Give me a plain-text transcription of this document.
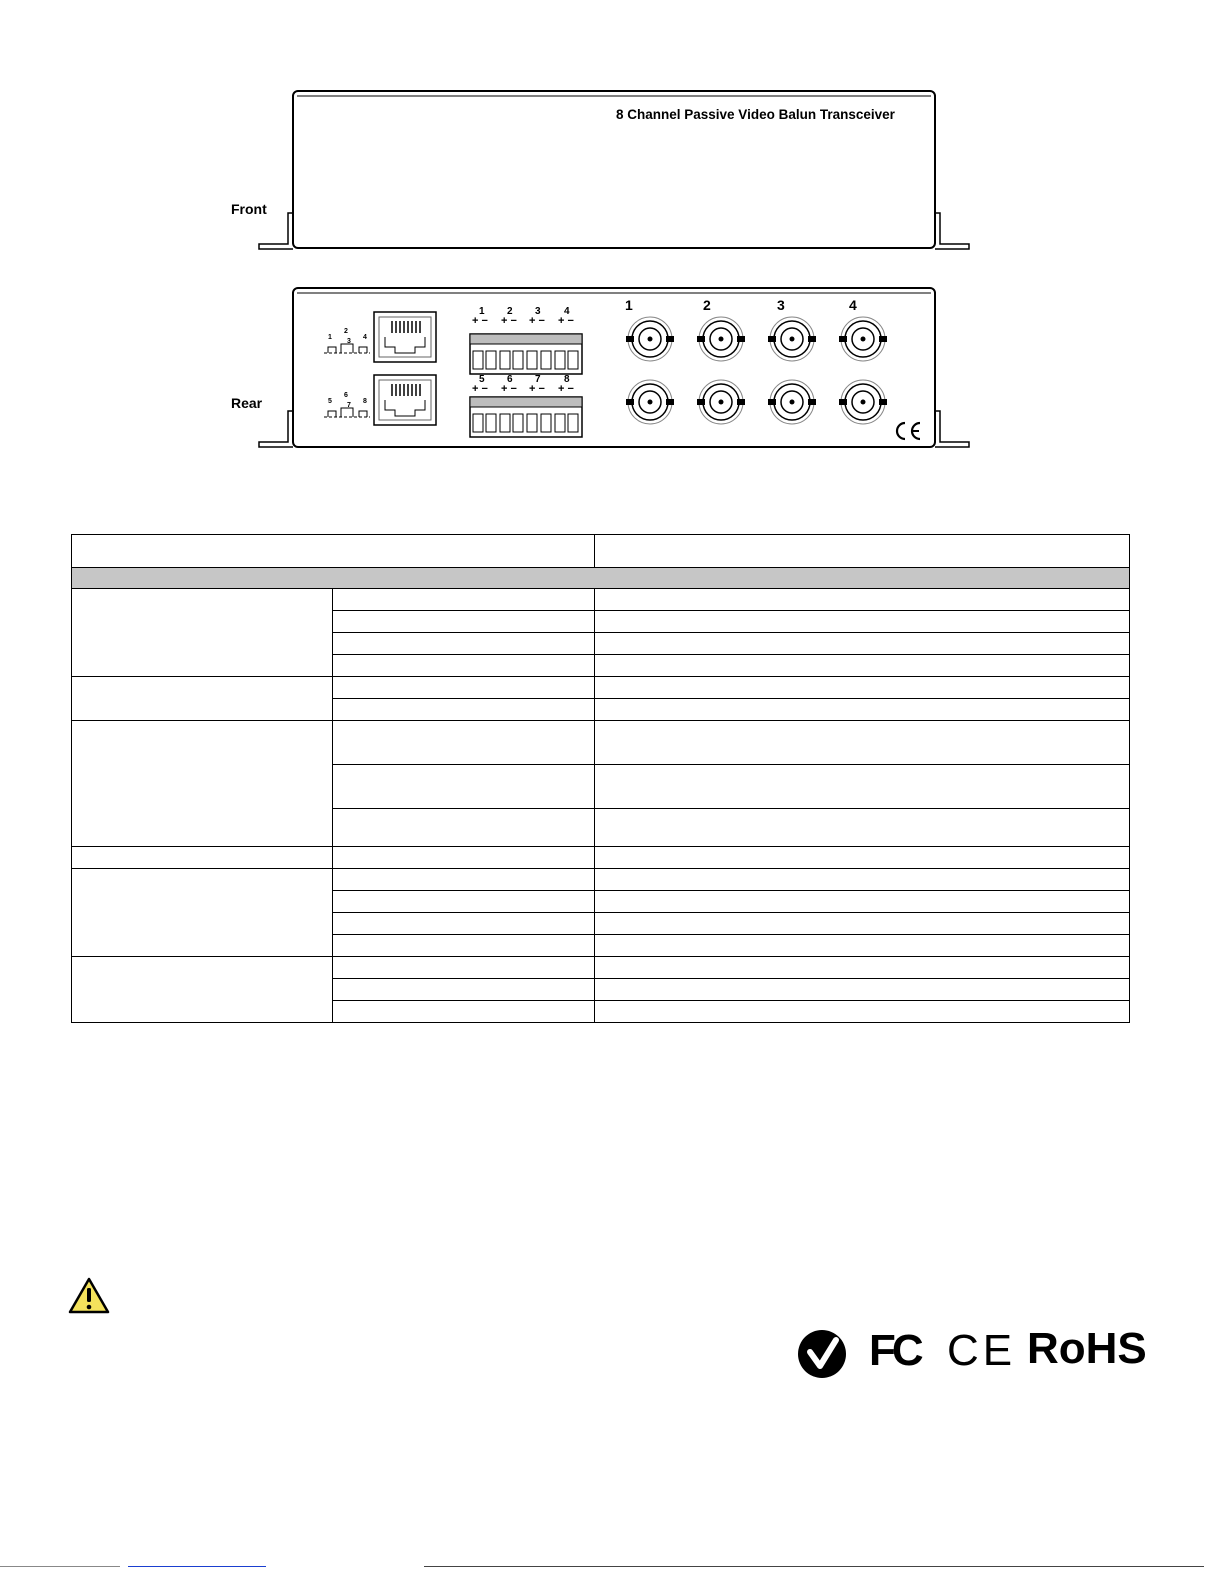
Front
8 Channel Passive Video Balun Transceiver
Rear
1
2
3
4
5
6
7
8
1 2 3 4
+ − + − + − + −
5 6 7 8
+ − + − + − + −
1	2	3	4

FC CE RoHS
